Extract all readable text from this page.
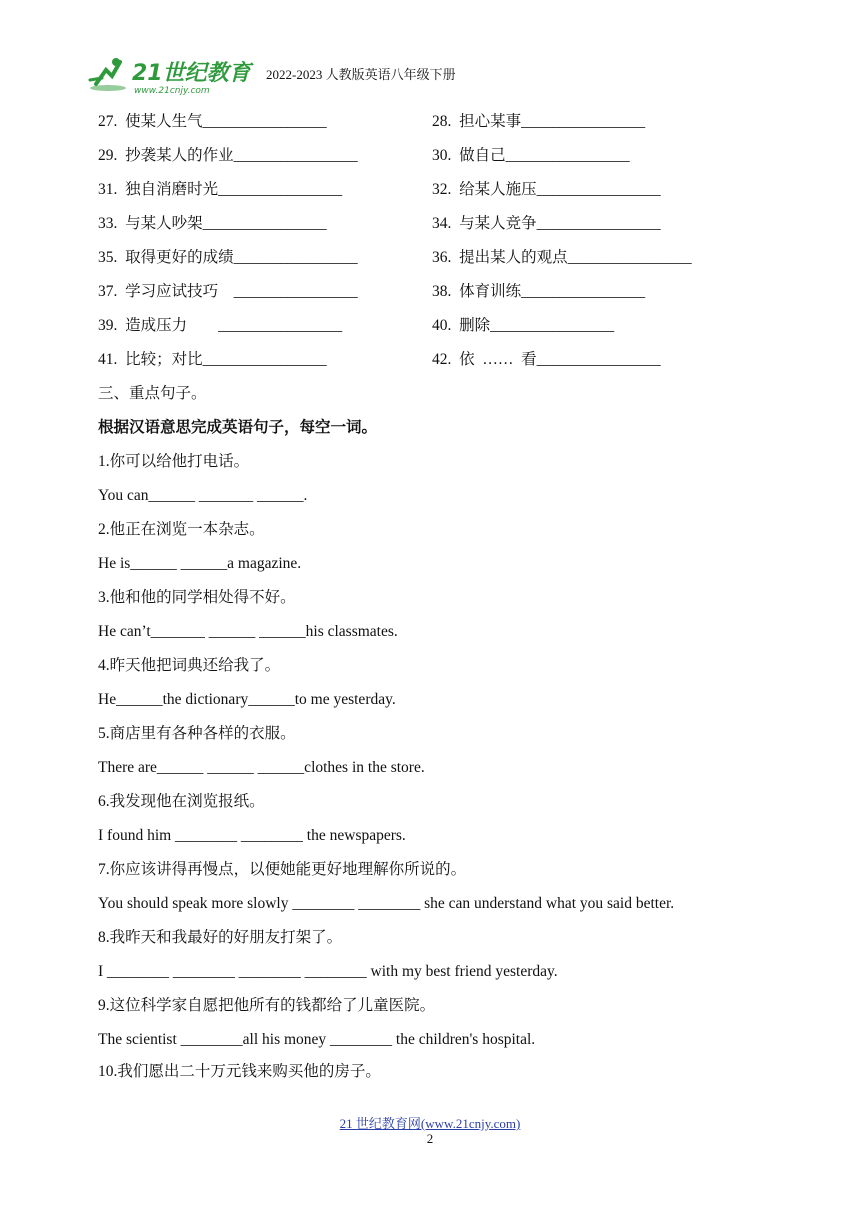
21世纪教育
www.21cnjy.com
2022-2023 人教版英语八年级下册
27.  使某人生气________________	28.  担心某事________________
29.  抄袭某人的作业________________	30.  做自己________________
31.  独自消磨时光________________	32.  给某人施压________________
33.  与某人吵架________________	34.  与某人竞争________________
35.  取得更好的成绩________________	36.  提出某人的观点________________
37.  学习应试技巧    ________________	38.  体育训练________________
39.  造成压力        ________________	40.  删除________________
41.  比较；对比________________	42.  依  ……  看________________
三、重点句子。
根据汉语意思完成英语句子，每空一词。
1.你可以给他打电话。
You can______ _______ ______.
2.他正在浏览一本杂志。
He is______ ______a magazine.
3.他和他的同学相处得不好。
He can’t_______ ______ ______his classmates.
4.昨天他把词典还给我了。
He______the dictionary______to me yesterday.
5.商店里有各种各样的衣服。
There are______ ______ ______clothes in the store.
6.我发现他在浏览报纸。
I found him ________ ________ the newspapers.
7.你应该讲得再慢点，以便她能更好地理解你所说的。
You should speak more slowly ________ ________ she can understand what you said better.
8.我昨天和我最好的好朋友打架了。
I ________ ________ ________ ________ with my best friend yesterday.
9.这位科学家自愿把他所有的钱都给了儿童医院。
The scientist ________all his money ________ the children's hospital.
10.我们愿出二十万元钱来购买他的房子。
21 世纪教育网(www.21cnjy.com)
2
